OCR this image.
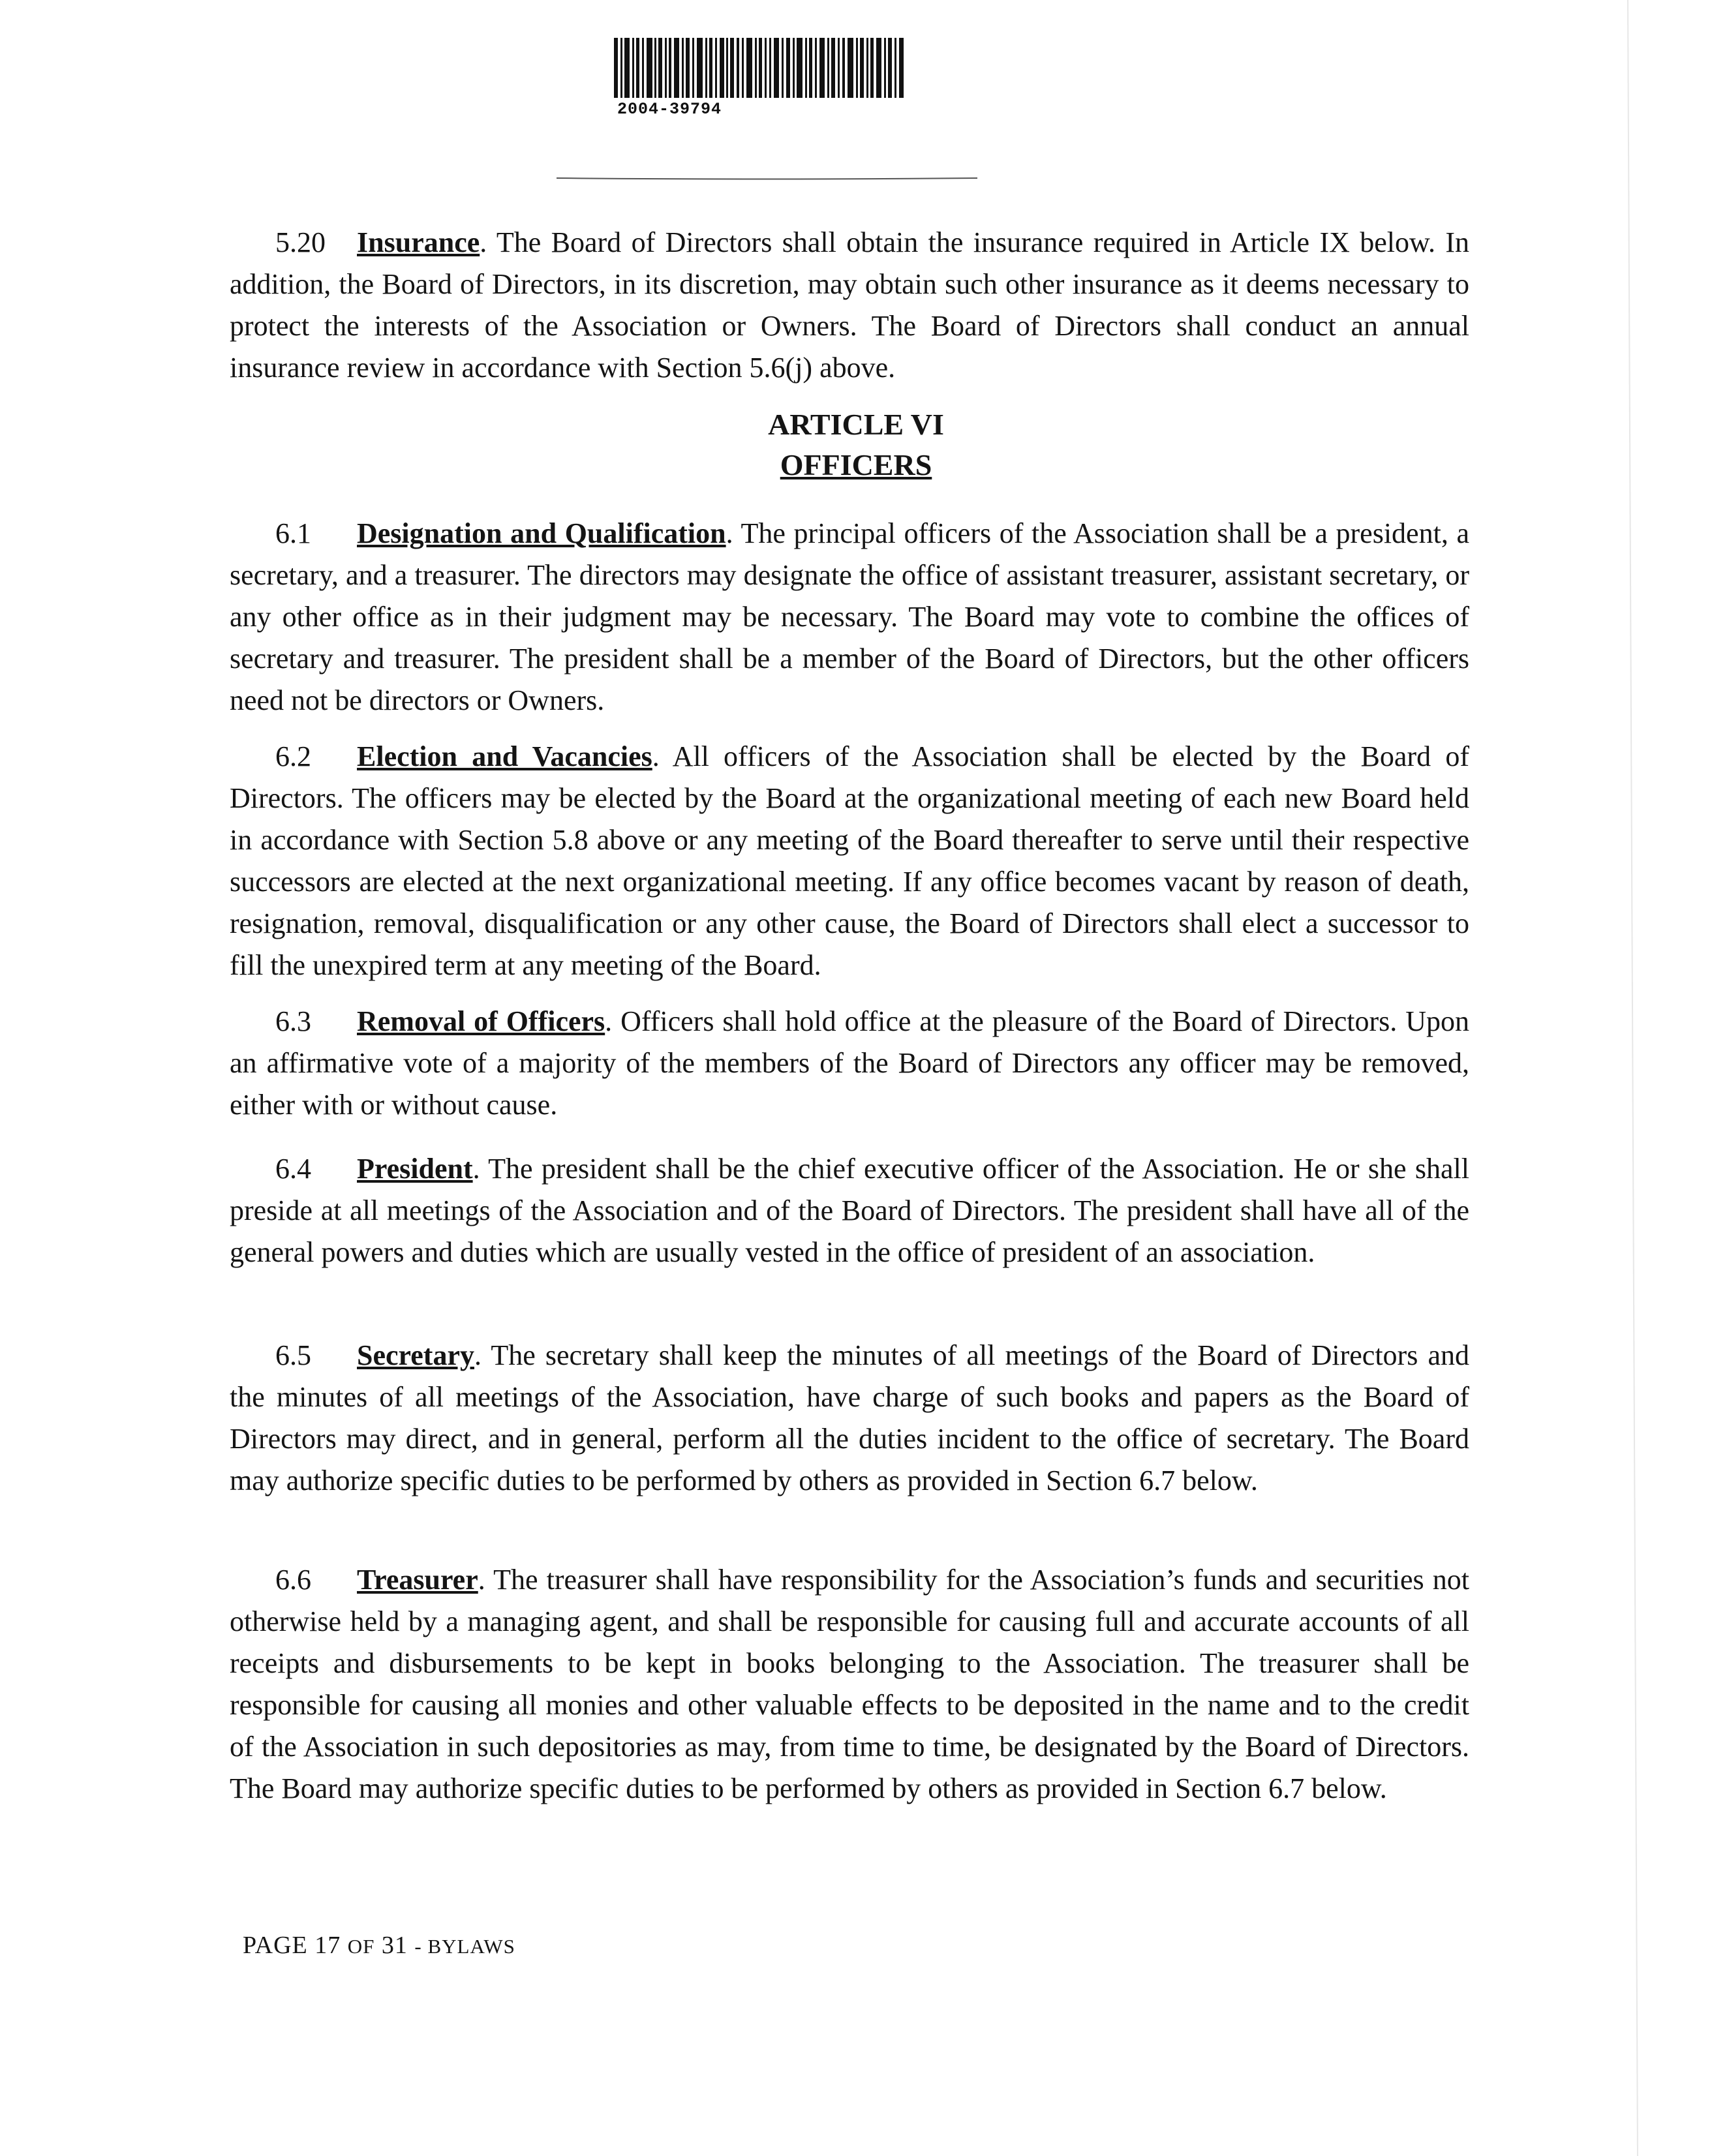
2004-39794

5.20 Insurance. The Board of Directors shall obtain the insurance required in Article IX below. In addition, the Board of Directors, in its discretion, may obtain such other insurance as it deems necessary to protect the interests of the Association or Owners. The Board of Directors shall conduct an annual insurance review in accordance with Section 5.6(j) above.

ARTICLE VI
OFFICERS

6.1 Designation and Qualification. The principal officers of the Association shall be a president, a secretary, and a treasurer. The directors may designate the office of assistant treasurer, assistant secretary, or any other office as in their judgment may be necessary. The Board may vote to combine the offices of secretary and treasurer. The president shall be a member of the Board of Directors, but the other officers need not be directors or Owners.

6.2 Election and Vacancies. All officers of the Association shall be elected by the Board of Directors. The officers may be elected by the Board at the organizational meeting of each new Board held in accordance with Section 5.8 above or any meeting of the Board thereafter to serve until their respective successors are elected at the next organizational meeting. If any office becomes vacant by reason of death, resignation, removal, disqualification or any other cause, the Board of Directors shall elect a successor to fill the unexpired term at any meeting of the Board.

6.3 Removal of Officers. Officers shall hold office at the pleasure of the Board of Directors. Upon an affirmative vote of a majority of the members of the Board of Directors any officer may be removed, either with or without cause.

6.4 President. The president shall be the chief executive officer of the Association. He or she shall preside at all meetings of the Association and of the Board of Directors. The president shall have all of the general powers and duties which are usually vested in the office of president of an association.

6.5 Secretary. The secretary shall keep the minutes of all meetings of the Board of Directors and the minutes of all meetings of the Association, have charge of such books and papers as the Board of Directors may direct, and in general, perform all the duties incident to the office of secretary. The Board may authorize specific duties to be performed by others as provided in Section 6.7 below.

6.6 Treasurer. The treasurer shall have responsibility for the Association’s funds and securities not otherwise held by a managing agent, and shall be responsible for causing full and accurate accounts of all receipts and disbursements to be kept in books belonging to the Association. The treasurer shall be responsible for causing all monies and other valuable effects to be deposited in the name and to the credit of the Association in such depositories as may, from time to time, be designated by the Board of Directors. The Board may authorize specific duties to be performed by others as provided in Section 6.7 below.

PAGE 17 OF 31 - BYLAWS
